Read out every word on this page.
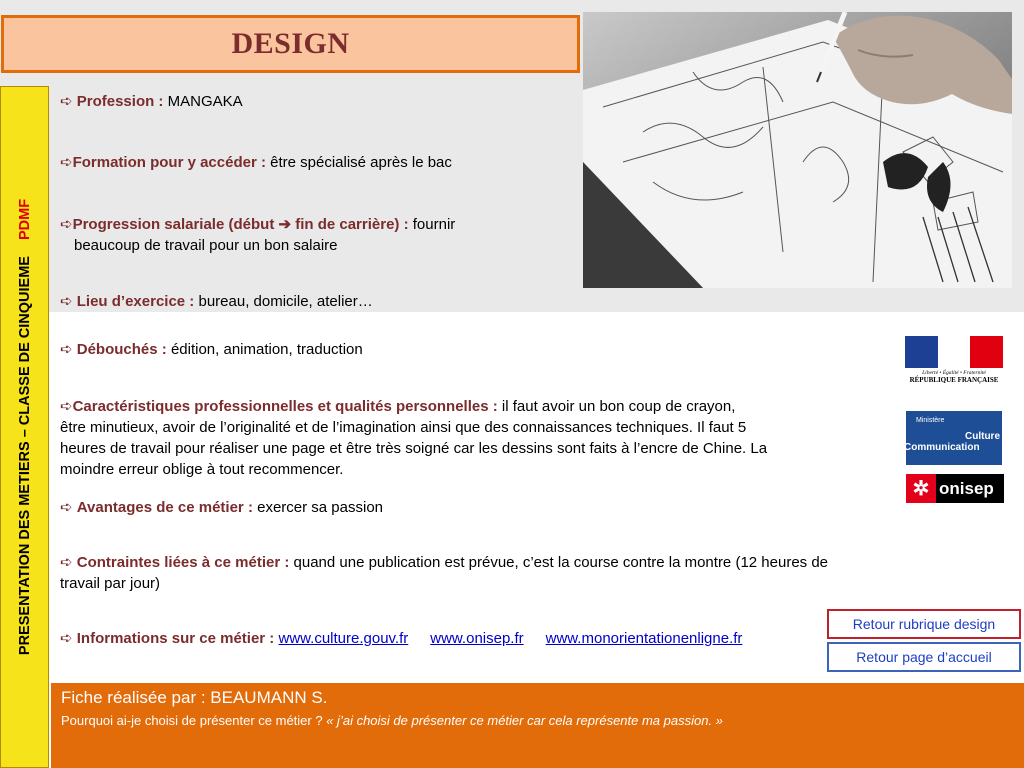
DESIGN
PRESENTATION DES METIERS – CLASSE DE CINQUIEMEPDMF
➪ Profession : MANGAKA
➪Formation pour y accéder : être spécialisé après le bac
➪Progression salariale (début ➔ fin de carrière) : fournir
beaucoup de travail pour un bon salaire
➪ Lieu d’exercice : bureau, domicile, atelier…
➪ Débouchés : édition, animation, traduction
➪Caractéristiques professionnelles et qualités personnelles : il faut avoir un bon coup de crayon,
être minutieux, avoir de l’originalité et de l’imagination ainsi que des connaissances techniques. Il faut 5
heures de travail pour réaliser une page et être très soigné car les dessins sont faits à l’encre de Chine. La
moindre erreur oblige à tout recommencer.
➪ Avantages de ce métier : exercer sa passion
➪ Contraintes liées à ce métier : quand une publication est prévue, c’est la course contre la montre (12 heures de
travail par jour)
➪ Informations sur ce métier : www.culture.gouv.fr www.onisep.fr www.monorientationenligne.fr
Liberté • Égalité • Fraternité
RÉPUBLIQUE FRANÇAISE
Ministère
Culture
Communication
✲ onisep
Retour rubrique design
Retour page d’accueil
Fiche réalisée par : BEAUMANN S.
Pourquoi ai-je choisi de présenter ce métier ? « j’ai choisi de présenter ce métier car cela représente ma passion. »
